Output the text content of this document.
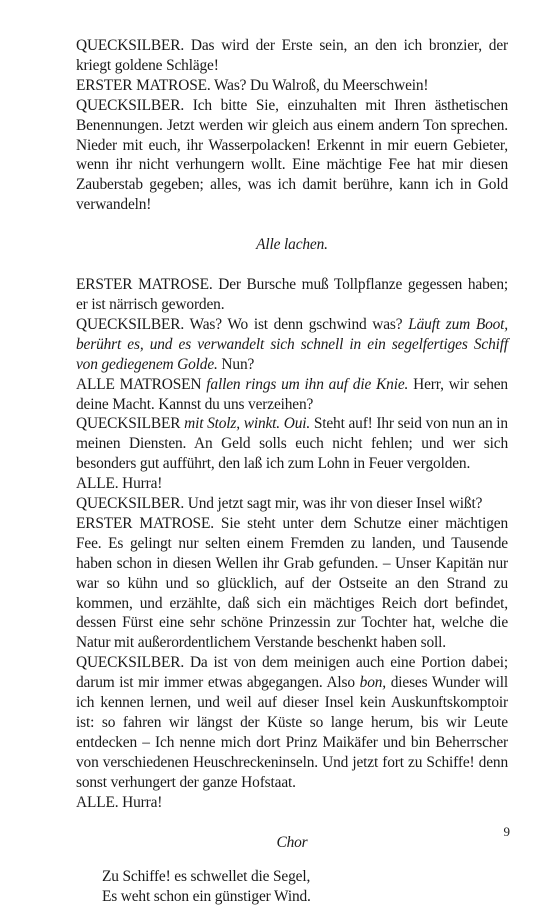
QUECKSILBER. Das wird der Erste sein, an den ich bronzier, der kriegt goldene Schläge!

ERSTER MATROSE. Was? Du Walroß, du Meerschwein!

QUECKSILBER. Ich bitte Sie, einzuhalten mit Ihren ästhetischen Benennungen. Jetzt werden wir gleich aus einem andern Ton sprechen. Nieder mit euch, ihr Wasserpolacken! Erkennt in mir euern Gebieter, wenn ihr nicht verhungern wollt. Eine mächtige Fee hat mir diesen Zauberstab gegeben; alles, was ich damit berühre, kann ich in Gold verwandeln!

Alle lachen.

ERSTER MATROSE. Der Bursche muß Tollpflanze gegessen haben; er ist närrisch geworden.

QUECKSILBER. Was? Wo ist denn gschwind was? Läuft zum Boot, berührt es, und es verwandelt sich schnell in ein segelfertiges Schiff von gediegenem Golde. Nun?

ALLE MATROSEN fallen rings um ihn auf die Knie. Herr, wir sehen deine Macht. Kannst du uns verzeihen?

QUECKSILBER mit Stolz, winkt. Oui. Steht auf! Ihr seid von nun an in meinen Diensten. An Geld solls euch nicht fehlen; und wer sich besonders gut aufführt, den laß ich zum Lohn in Feuer vergolden.

ALLE. Hurra!

QUECKSILBER. Und jetzt sagt mir, was ihr von dieser Insel wißt?

ERSTER MATROSE. Sie steht unter dem Schutze einer mächtigen Fee. Es gelingt nur selten einem Fremden zu landen, und Tausende haben schon in diesen Wellen ihr Grab gefunden. – Unser Kapitän nur war so kühn und so glücklich, auf der Ostseite an den Strand zu kommen, und erzählte, daß sich ein mächtiges Reich dort befindet, dessen Fürst eine sehr schöne Prinzessin zur Tochter hat, welche die Natur mit außerordentlichem Verstande beschenkt haben soll.

QUECKSILBER. Da ist von dem meinigen auch eine Portion dabei; darum ist mir immer etwas abgegangen. Also bon, dieses Wunder will ich kennen lernen, und weil auf dieser Insel kein Auskunftskomptoir ist: so fahren wir längst der Küste so lange herum, bis wir Leute entdecken – Ich nenne mich dort Prinz Maikäfer und bin Beherrscher von verschiedenen Heuschreckeninseln. Und jetzt fort zu Schiffe! denn sonst verhungert der ganze Hofstaat.

ALLE. Hurra!

Chor

Zu Schiffe! es schwellet die Segel,

Es weht schon ein günstiger Wind.

9
